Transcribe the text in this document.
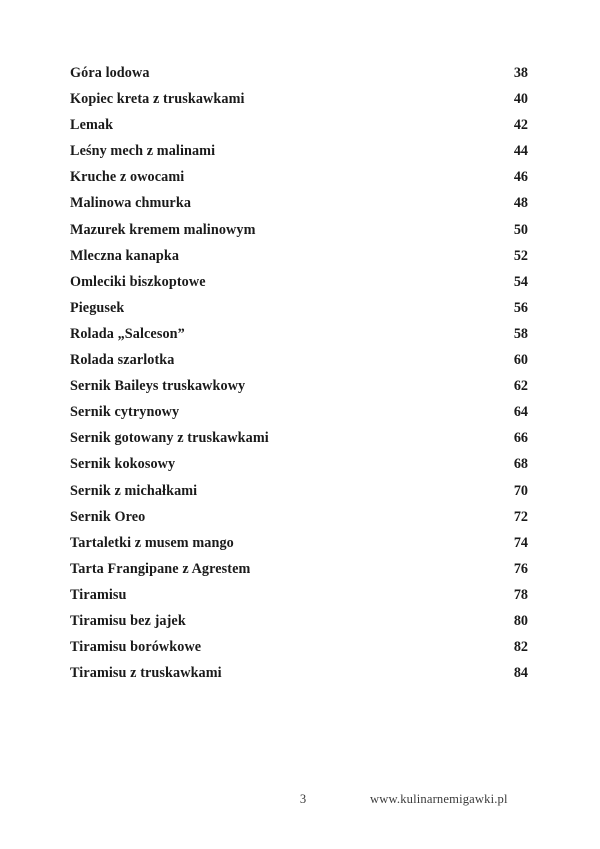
Góra lodowa	38
Kopiec kreta z truskawkami	40
Lemak	42
Leśny mech z malinami	44
Kruche z owocami	46
Malinowa chmurka	48
Mazurek kremem malinowym	50
Mleczna kanapka	52
Omleciki biszkoptowe	54
Piegusek	56
Rolada „Salceson”	58
Rolada szarlotka	60
Sernik Baileys truskawkowy	62
Sernik cytrynowy	64
Sernik gotowany z truskawkami	66
Sernik kokosowy	68
Sernik z michałkami	70
Sernik Oreo	72
Tartaletki z musem mango	74
Tarta Frangipane z Agrestem	76
Tiramisu	78
Tiramisu bez jajek	80
Tiramisu borówkowe	82
Tiramisu z truskawkami	84
3	www.kulinarnemigawki.pl
